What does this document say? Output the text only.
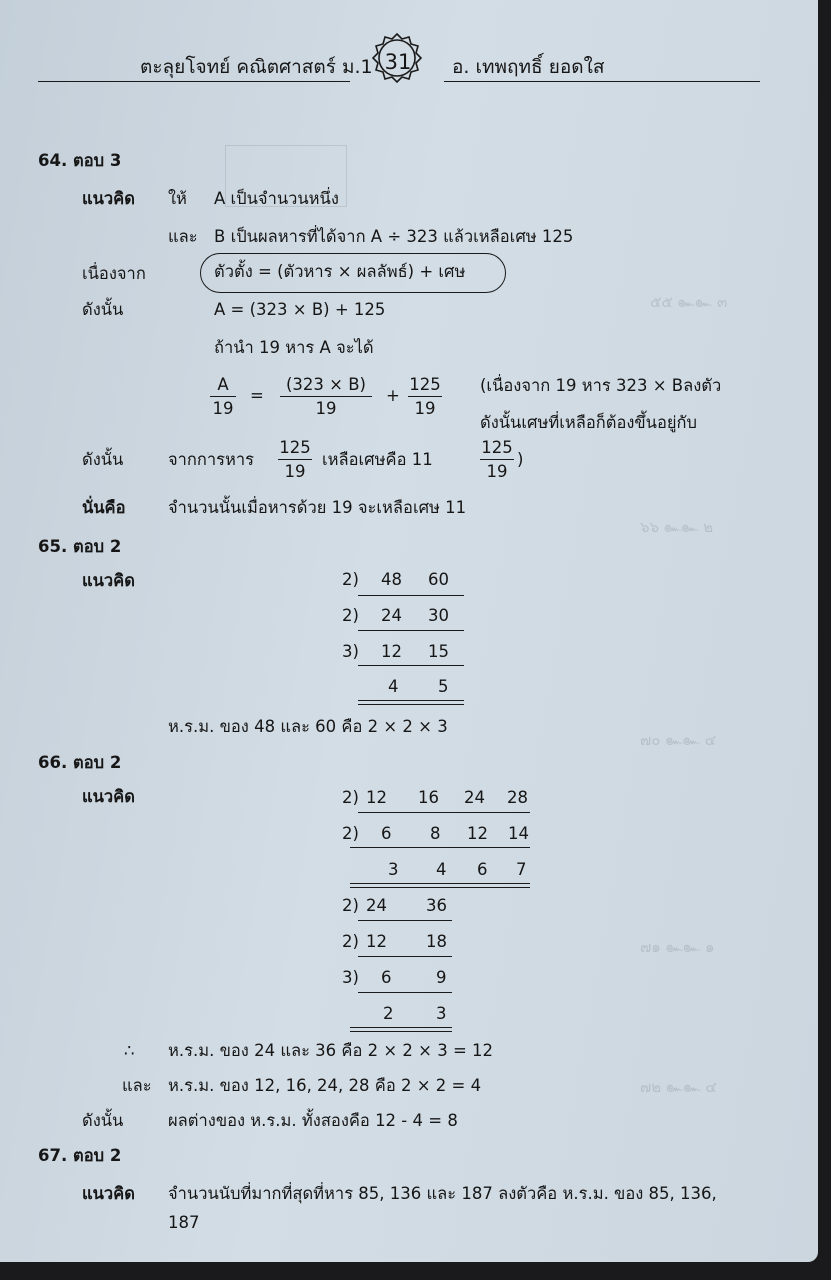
๕๕ ๛๛ ๓
๖๖ ๛๛ ๒
๗๐ ๛๛ ๔
๗๑ ๛๛ ๑
๗๒ ๛๛ ๔
ตะลุยโจทย์ คณิตศาสตร์ ม.1 31 อ. เทพฤทธิ์ ยอดใส
64. ตอบ 3
แนวคิด ให้ A เป็นจำนวนหนึ่ง
และ B เป็นผลหารที่ได้จาก A ÷ 323 แล้วเหลือเศษ 125
เนื่องจาก	ตัวตั้ง = (ตัวหาร × ผลลัพธ์) + เศษ
ดังนั้น	A = (323 × B) + 125
ถ้านำ 19 หาร A จะได้
A
19
=
(323 × B)
19
+
125
19
(เนื่องจาก 19 หาร 323 × Bลงตัว
ดังนั้นเศษที่เหลือก็ต้องขึ้นอยู่กับ
ดังนั้น	จากการหาร
125
19
เหลือเศษคือ 11
125
19
)
นั่นคือ	จำนวนนั้นเมื่อหารด้วย 19 จะเหลือเศษ 11
65. ตอบ 2
แนวคิด	2) 48 60
2) 24 30
3) 12 15
4 5
ห.ร.ม. ของ 48 และ 60 คือ 2 × 2 × 3
66. ตอบ 2
แนวคิด	2) 12 16 24 28
2) 6 8 12 14
3 4 6 7
2) 24 36
2) 12 18
3) 6	9
2	3
∴ ห.ร.ม. ของ 24 และ 36 คือ 2 × 2 × 3 = 12
และ ห.ร.ม. ของ 12, 16, 24, 28 คือ 2 × 2 = 4
ดังนั้น	ผลต่างของ ห.ร.ม. ทั้งสองคือ 12 - 4 = 8
67. ตอบ 2
แนวคิด จำนวนนับที่มากที่สุดที่หาร 85, 136 และ 187 ลงตัวคือ ห.ร.ม. ของ 85, 136,
187
